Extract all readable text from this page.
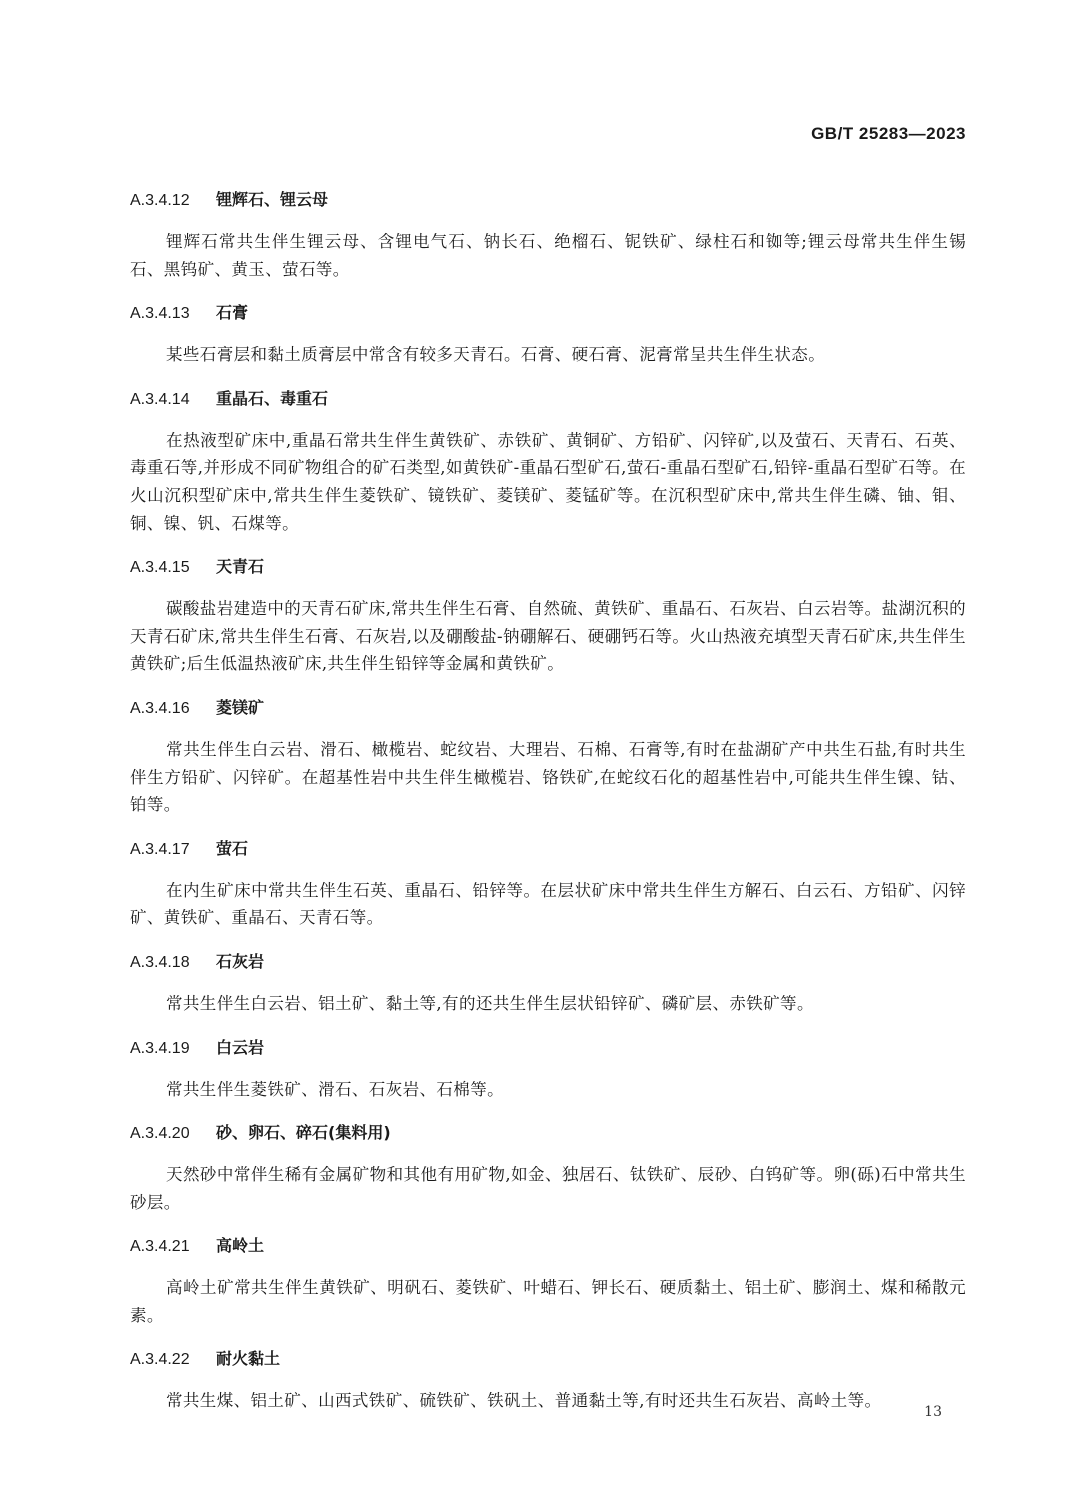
GB/T 25283—2023
A.3.4.12 锂辉石、锂云母

锂辉石常共生伴生锂云母、含锂电气石、钠长石、绝榴石、铌铁矿、绿柱石和铷等;锂云母常共生伴生锡石、黑钨矿、黄玉、萤石等。

A.3.4.13 石膏

某些石膏层和黏土质膏层中常含有较多天青石。石膏、硬石膏、泥膏常呈共生伴生状态。

A.3.4.14 重晶石、毒重石

在热液型矿床中,重晶石常共生伴生黄铁矿、赤铁矿、黄铜矿、方铅矿、闪锌矿,以及萤石、天青石、石英、毒重石等,并形成不同矿物组合的矿石类型,如黄铁矿-重晶石型矿石,萤石-重晶石型矿石,铅锌-重晶石型矿石等。在火山沉积型矿床中,常共生伴生菱铁矿、镜铁矿、菱镁矿、菱锰矿等。在沉积型矿床中,常共生伴生磷、铀、钼、铜、镍、钒、石煤等。

A.3.4.15 天青石

碳酸盐岩建造中的天青石矿床,常共生伴生石膏、自然硫、黄铁矿、重晶石、石灰岩、白云岩等。盐湖沉积的天青石矿床,常共生伴生石膏、石灰岩,以及硼酸盐-钠硼解石、硬硼钙石等。火山热液充填型天青石矿床,共生伴生黄铁矿;后生低温热液矿床,共生伴生铅锌等金属和黄铁矿。

A.3.4.16 菱镁矿

常共生伴生白云岩、滑石、橄榄岩、蛇纹岩、大理岩、石棉、石膏等,有时在盐湖矿产中共生石盐,有时共生伴生方铅矿、闪锌矿。在超基性岩中共生伴生橄榄岩、铬铁矿,在蛇纹石化的超基性岩中,可能共生伴生镍、钴、铂等。

A.3.4.17 萤石

在内生矿床中常共生伴生石英、重晶石、铅锌等。在层状矿床中常共生伴生方解石、白云石、方铅矿、闪锌矿、黄铁矿、重晶石、天青石等。

A.3.4.18 石灰岩

常共生伴生白云岩、铝土矿、黏土等,有的还共生伴生层状铅锌矿、磷矿层、赤铁矿等。

A.3.4.19 白云岩

常共生伴生菱铁矿、滑石、石灰岩、石棉等。

A.3.4.20 砂、卵石、碎石(集料用)

天然砂中常伴生稀有金属矿物和其他有用矿物,如金、独居石、钛铁矿、辰砂、白钨矿等。卵(砾)石中常共生砂层。

A.3.4.21 高岭土

高岭土矿常共生伴生黄铁矿、明矾石、菱铁矿、叶蜡石、钾长石、硬质黏土、铝土矿、膨润土、煤和稀散元素。

A.3.4.22 耐火黏土

常共生煤、铝土矿、山西式铁矿、硫铁矿、铁矾土、普通黏土等,有时还共生石灰岩、高岭土等。

13
